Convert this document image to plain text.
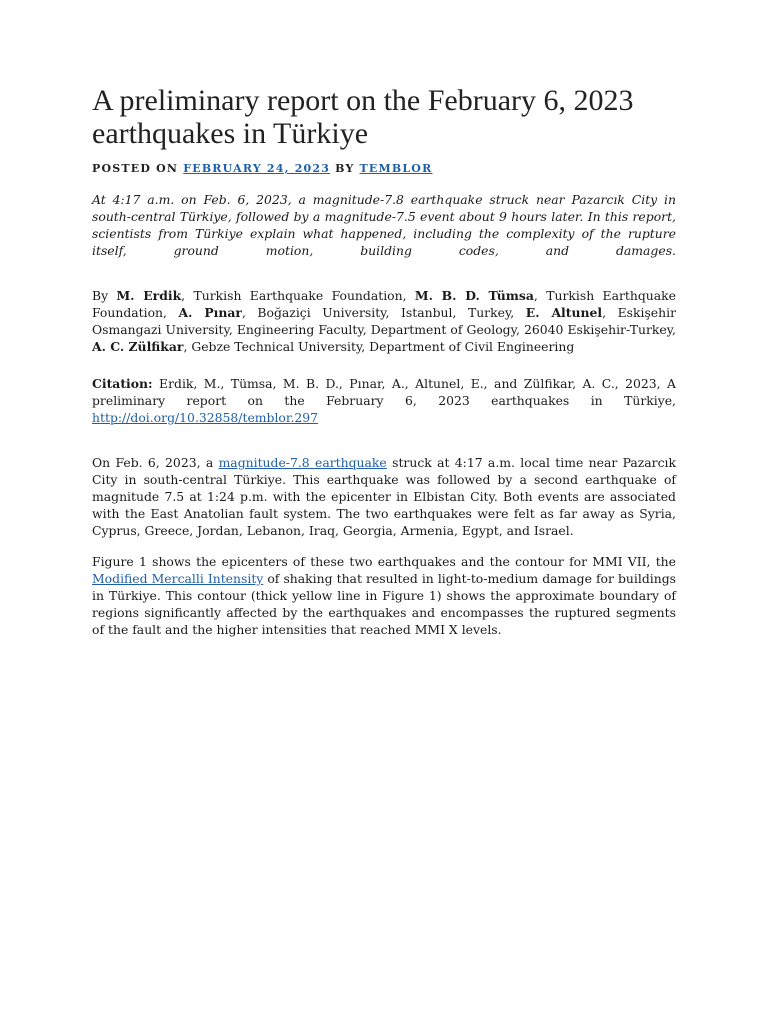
A preliminary report on the February 6, 2023 earthquakes in Türkiye
POSTED ON FEBRUARY 24, 2023 BY TEMBLOR
At 4:17 a.m. on Feb. 6, 2023, a magnitude-7.8 earthquake struck near Pazarcık City in south-central Türkiye, followed by a magnitude-7.5 event about 9 hours later. In this report, scientists from Türkiye explain what happened, including the complexity of the rupture itself, ground motion, building codes, and damages.
By M. Erdik, Turkish Earthquake Foundation, M. B. D. Tümsa, Turkish Earthquake Foundation, A. Pınar, Boğaziçi University, Istanbul, Turkey, E. Altunel, Eskişehir Osmangazi University, Engineering Faculty, Department of Geology, 26040 Eskişehir-Turkey, A. C. Zülfikar, Gebze Technical University, Department of Civil Engineering
Citation: Erdik, M., Tümsa, M. B. D., Pınar, A., Altunel, E., and Zülfikar, A. C., 2023, A preliminary report on the February 6, 2023 earthquakes in Türkiye, http://doi.org/10.32858/temblor.297
On Feb. 6, 2023, a magnitude-7.8 earthquake struck at 4:17 a.m. local time near Pazarcık City in south-central Türkiye. This earthquake was followed by a second earthquake of magnitude 7.5 at 1:24 p.m. with the epicenter in Elbistan City. Both events are associated with the East Anatolian fault system. The two earthquakes were felt as far away as Syria, Cyprus, Greece, Jordan, Lebanon, Iraq, Georgia, Armenia, Egypt, and Israel.
Figure 1 shows the epicenters of these two earthquakes and the contour for MMI VII, the Modified Mercalli Intensity of shaking that resulted in light-to-medium damage for buildings in Türkiye. This contour (thick yellow line in Figure 1) shows the approximate boundary of regions significantly affected by the earthquakes and encompasses the ruptured segments of the fault and the higher intensities that reached MMI X levels.
